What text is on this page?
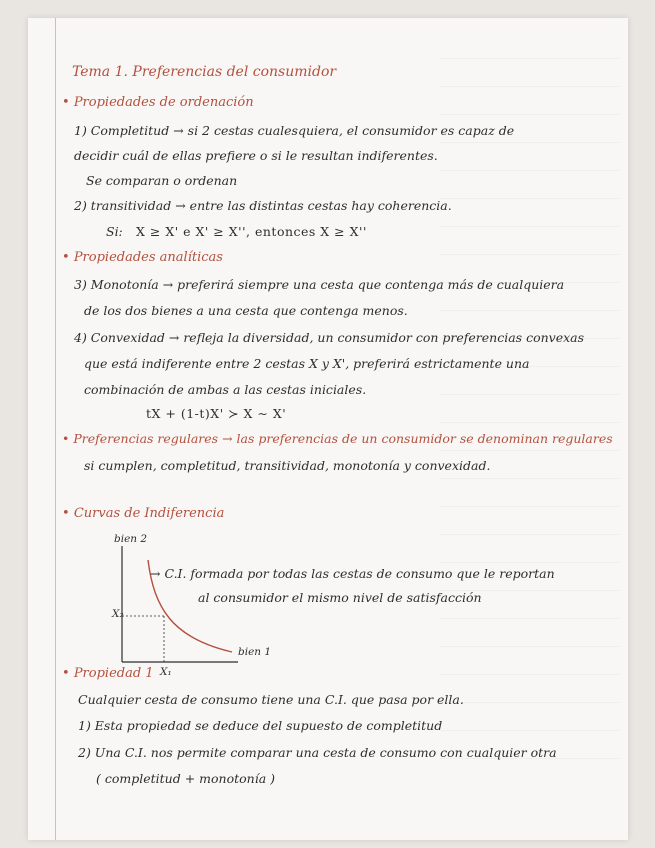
Tema 1. Preferencias del consumidor
• Propiedades de ordenación
1) Completitud → si 2 cestas cualesquiera, el consumidor es capaz de
decidir cuál de ellas prefiere o si le resultan indiferentes.
Se comparan o ordenan
2) transitividad → entre las distintas cestas hay coherencia.
Si: X ≥ X' e X' ≥ X'', entonces X ≥ X''
• Propiedades analíticas
3) Monotonía → preferirá siempre una cesta que contenga más de cualquiera
de los dos bienes a una cesta que contenga menos.
4) Convexidad → refleja la diversidad, un consumidor con preferencias convexas
que está indiferente entre 2 cestas X y X', preferirá estrictamente una
combinación de ambas a las cestas iniciales.
tX + (1-t)X' ≻ X ∼ X'
• Preferencias regulares → las preferencias de un consumidor se denominan regulares
si cumplen, completitud, transitividad, monotonía y convexidad.
• Curvas de Indiferencia
bien 2
bien 1
X₂
X₁
→ C.I. formada por todas las cestas de consumo que le reportan
al consumidor el mismo nivel de satisfacción
• Propiedad 1
Cualquier cesta de consumo tiene una C.I. que pasa por ella.
1) Esta propiedad se deduce del supuesto de completitud
2) Una C.I. nos permite comparar una cesta de consumo con cualquier otra
( completitud + monotonía )
